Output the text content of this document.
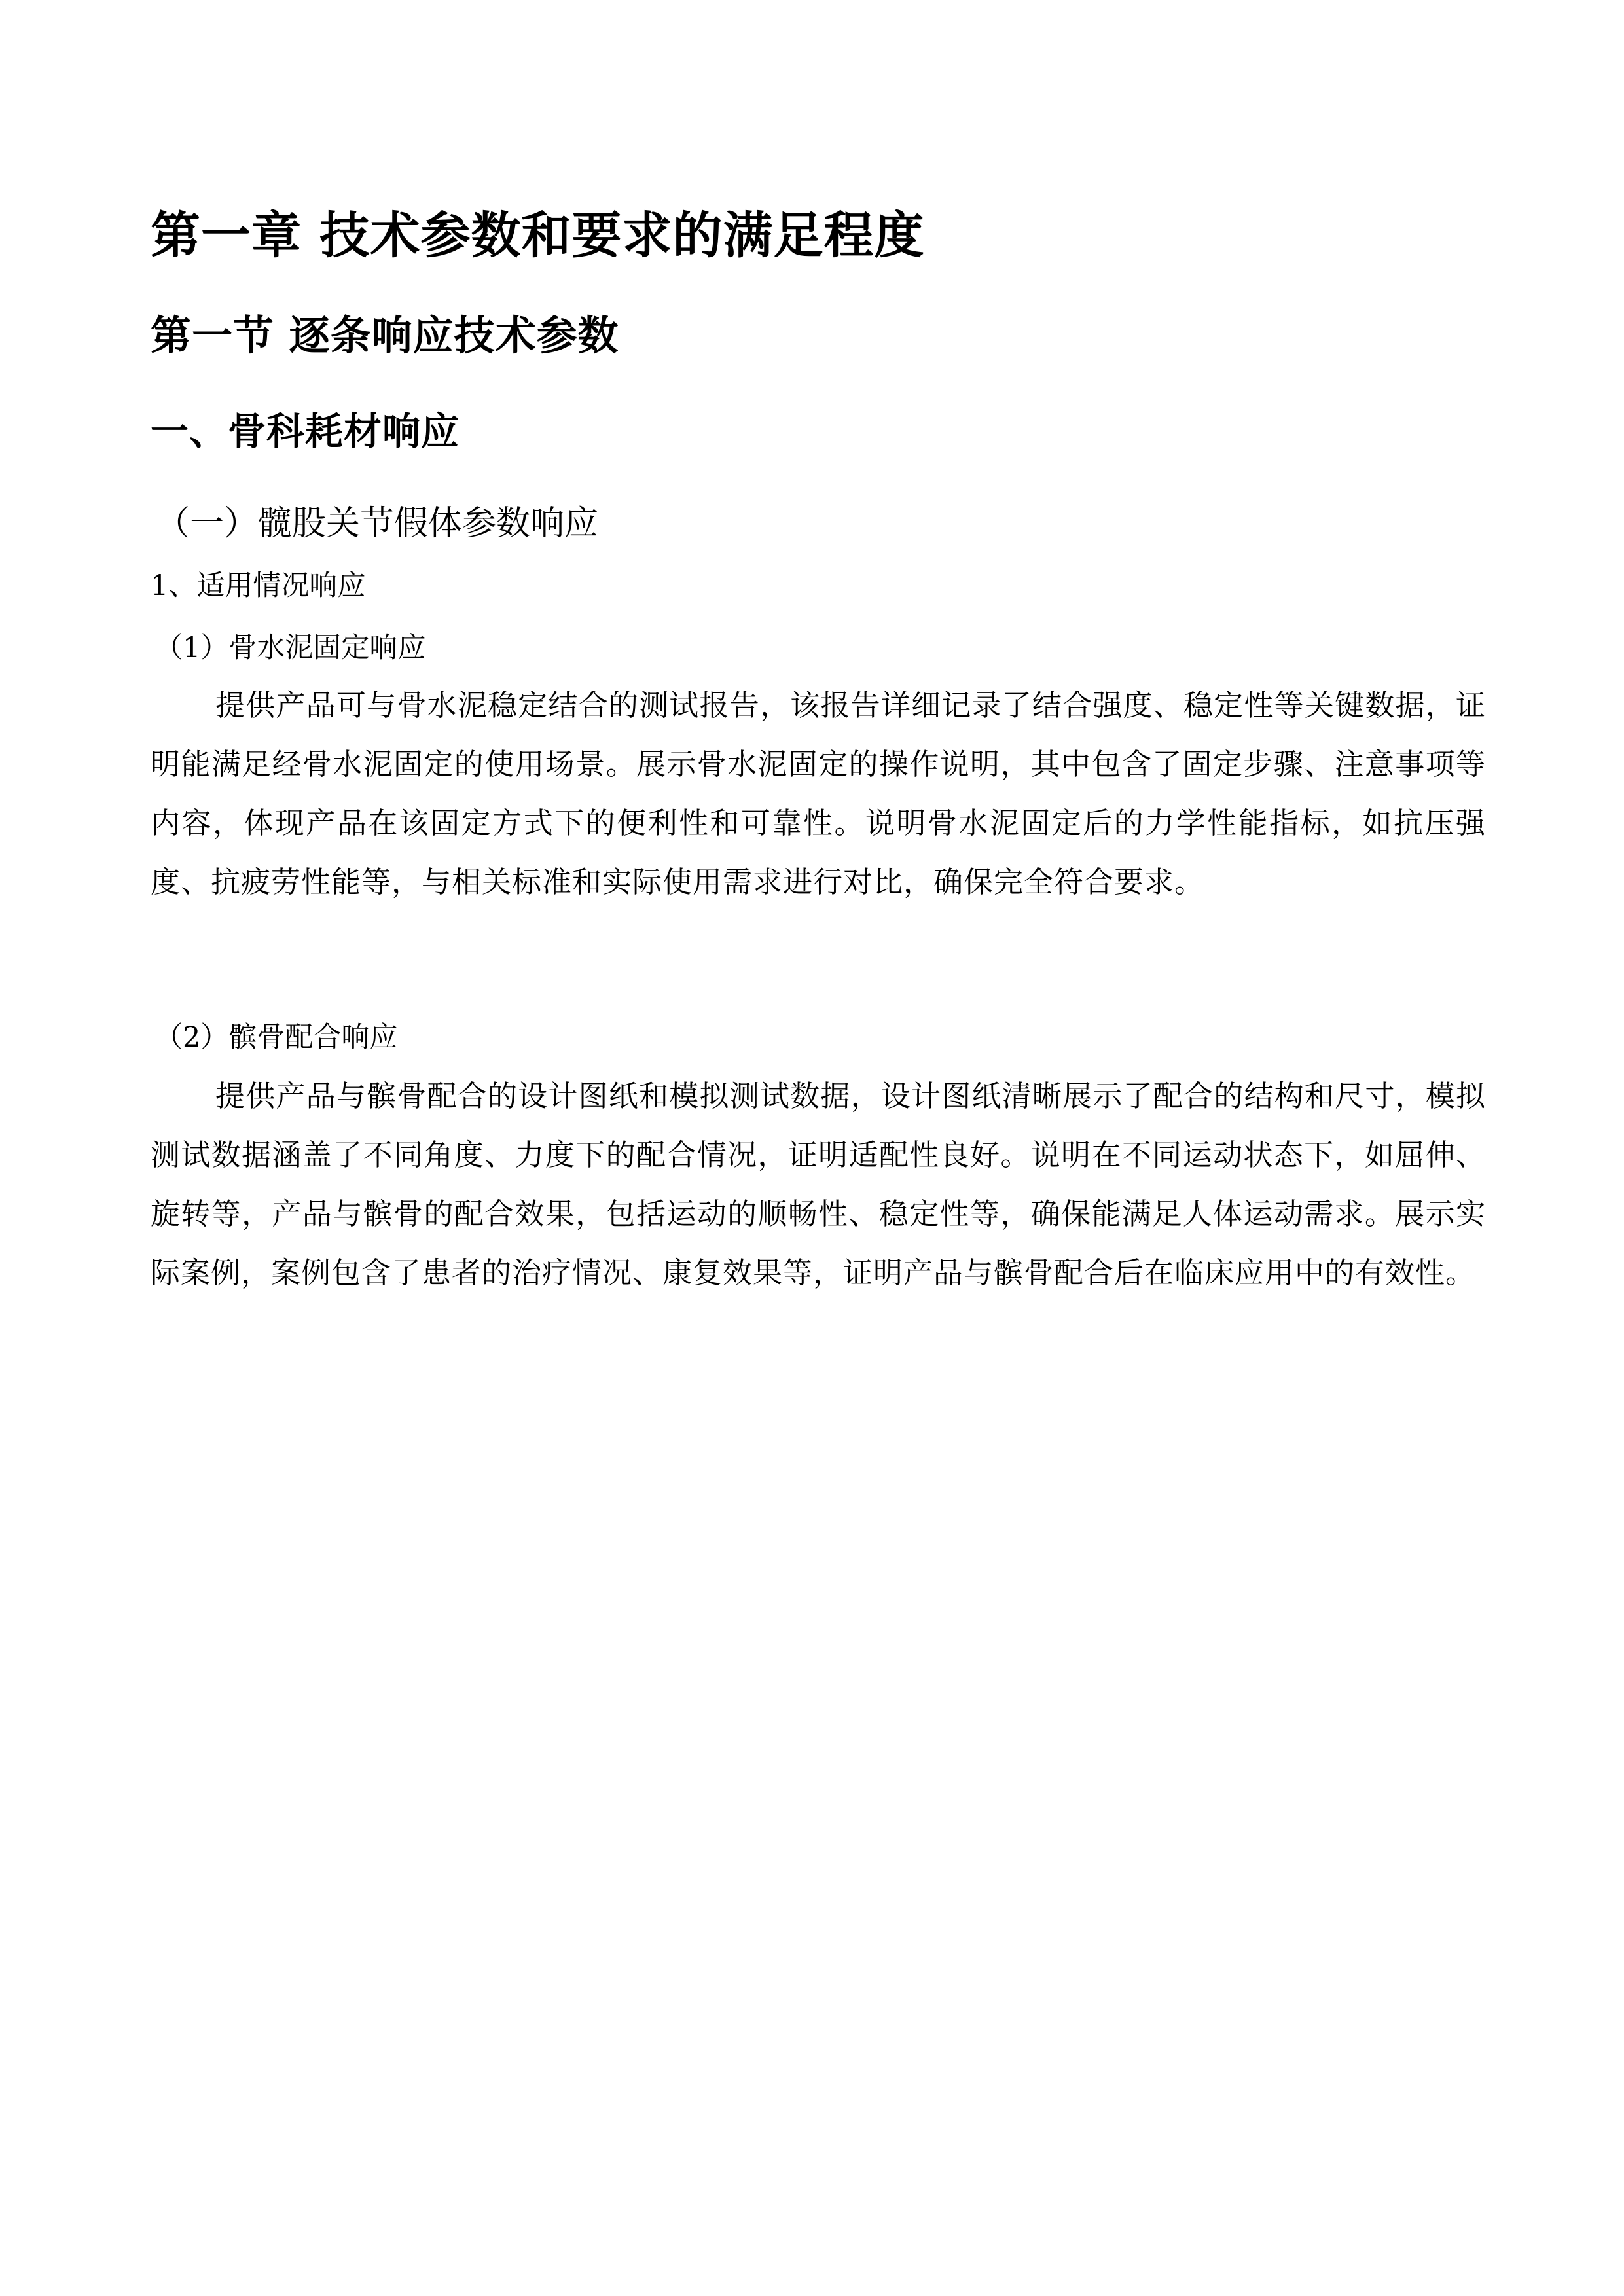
第一章 技术参数和要求的满足程度
第一节 逐条响应技术参数
一、骨科耗材响应
（一）髋股关节假体参数响应
1、适用情况响应
（1）骨水泥固定响应

提供产品可与骨水泥稳定结合的测试报告，该报告详细记录了结合强度、稳定性等关键数据，证明能满足经骨水泥固定的使用场景。展示骨水泥固定的操作说明，其中包含了固定步骤、注意事项等内容，体现产品在该固定方式下的便利性和可靠性。说明骨水泥固定后的力学性能指标，如抗压强度、抗疲劳性能等，与相关标准和实际使用需求进行对比，确保完全符合要求。

（2）髌骨配合响应

提供产品与髌骨配合的设计图纸和模拟测试数据，设计图纸清晰展示了配合的结构和尺寸，模拟测试数据涵盖了不同角度、力度下的配合情况，证明适配性良好。说明在不同运动状态下，如屈伸、旋转等，产品与髌骨的配合效果，包括运动的顺畅性、稳定性等，确保能满足人体运动需求。展示实际案例，案例包含了患者的治疗情况、康复效果等，证明产品与髌骨配合后在临床应用中的有效性。
